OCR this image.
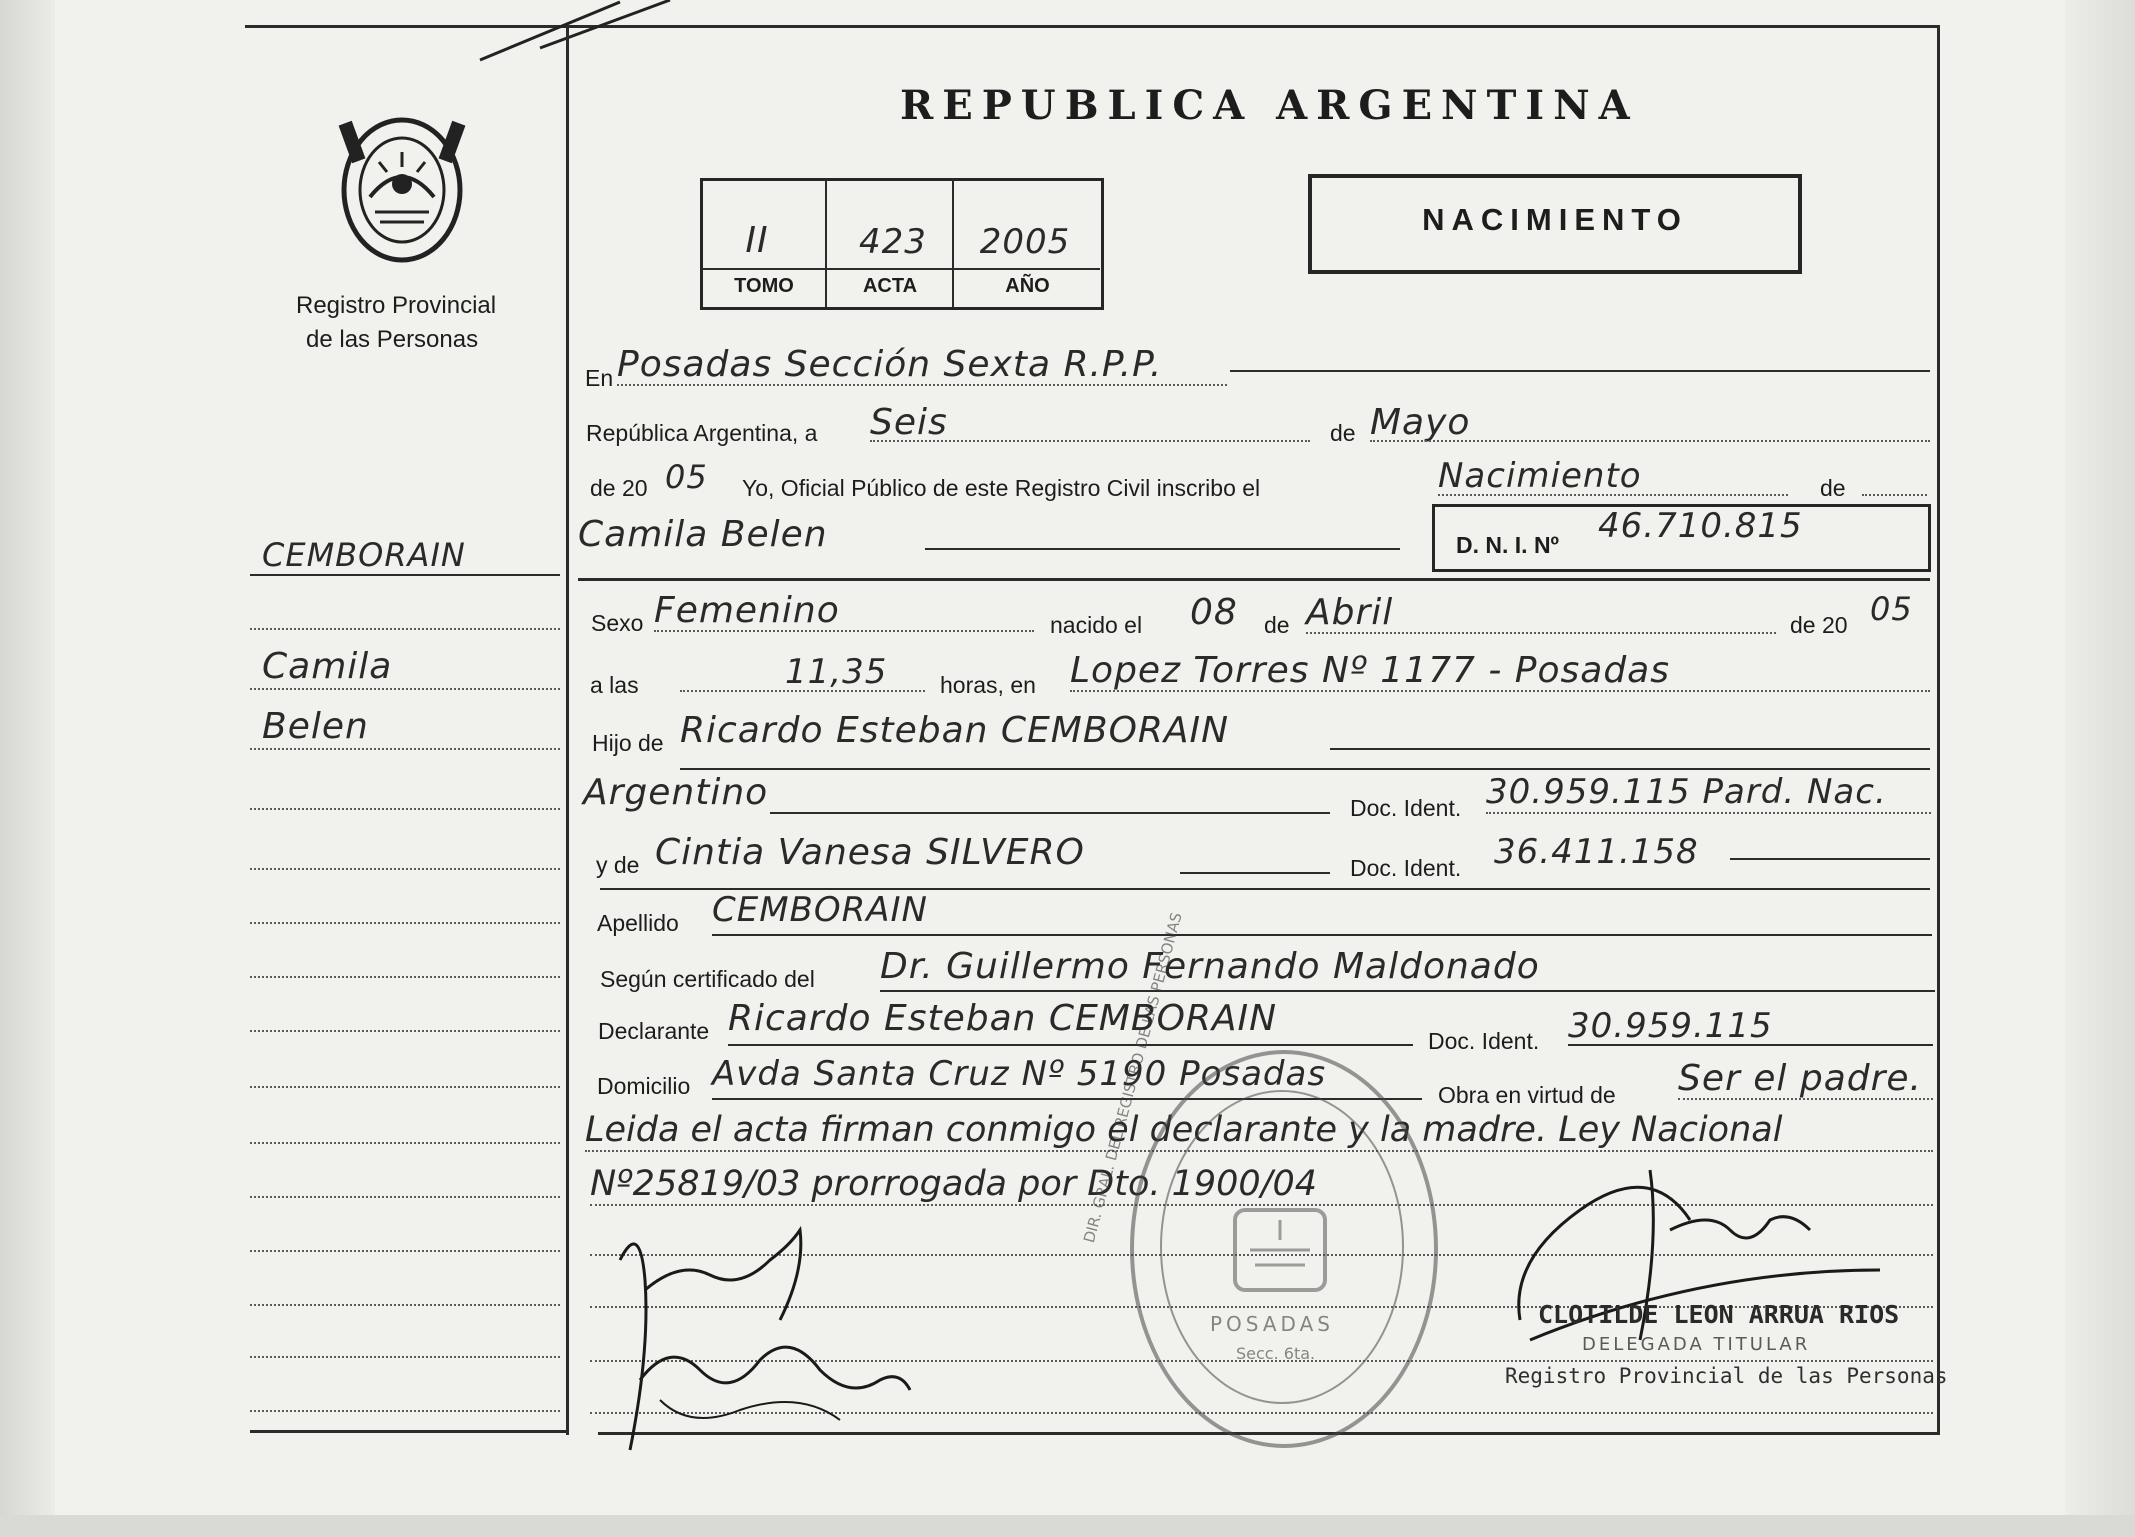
Registro Provincial
de las Personas
CEMBORAIN
Camila
Belen
REPUBLICA ARGENTINA
II	423	2005
TOMO	ACTA	AÑO
NACIMIENTO
En Posadas Sección Sexta R.P.P.
República Argentina, a Seis	de Mayo
de 20 05 Yo, Oficial Público de este Registro Civil inscribo el	Nacimiento	de
Camila Belen	D. N. I. Nº 46.710.815
Sexo Femenino	nacido el 08 de Abril	de 20 05
a las	11,35 horas, en Lopez Torres Nº 1177 - Posadas
Hijo de Ricardo Esteban CEMBORAIN
Argentino	Doc. Ident. 30.959.115 Pard. Nac.
y de Cintia Vanesa SILVERO	Doc. Ident. 36.411.158
Apellido CEMBORAIN
Según certificado del Dr. Guillermo Fernando Maldonado
Declarante Ricardo Esteban CEMBORAIN
Doc. Ident. 30.959.115
Domicilio Avda Santa Cruz Nº 5190 Posadas
Obra en virtud de Ser el padre.
Leida el acta firman conmigo el declarante y la madre. Ley Nacional
Nº25819/03 prorrogada por Dto. 1900/04
POSADAS
Secc. 6ta.
DIR. GRAL. DEL REGISTRO DE LAS PERSONAS
CLOTILDE LEON ARRUA RIOS
DELEGADA TITULAR
Registro Provincial de las Personas
